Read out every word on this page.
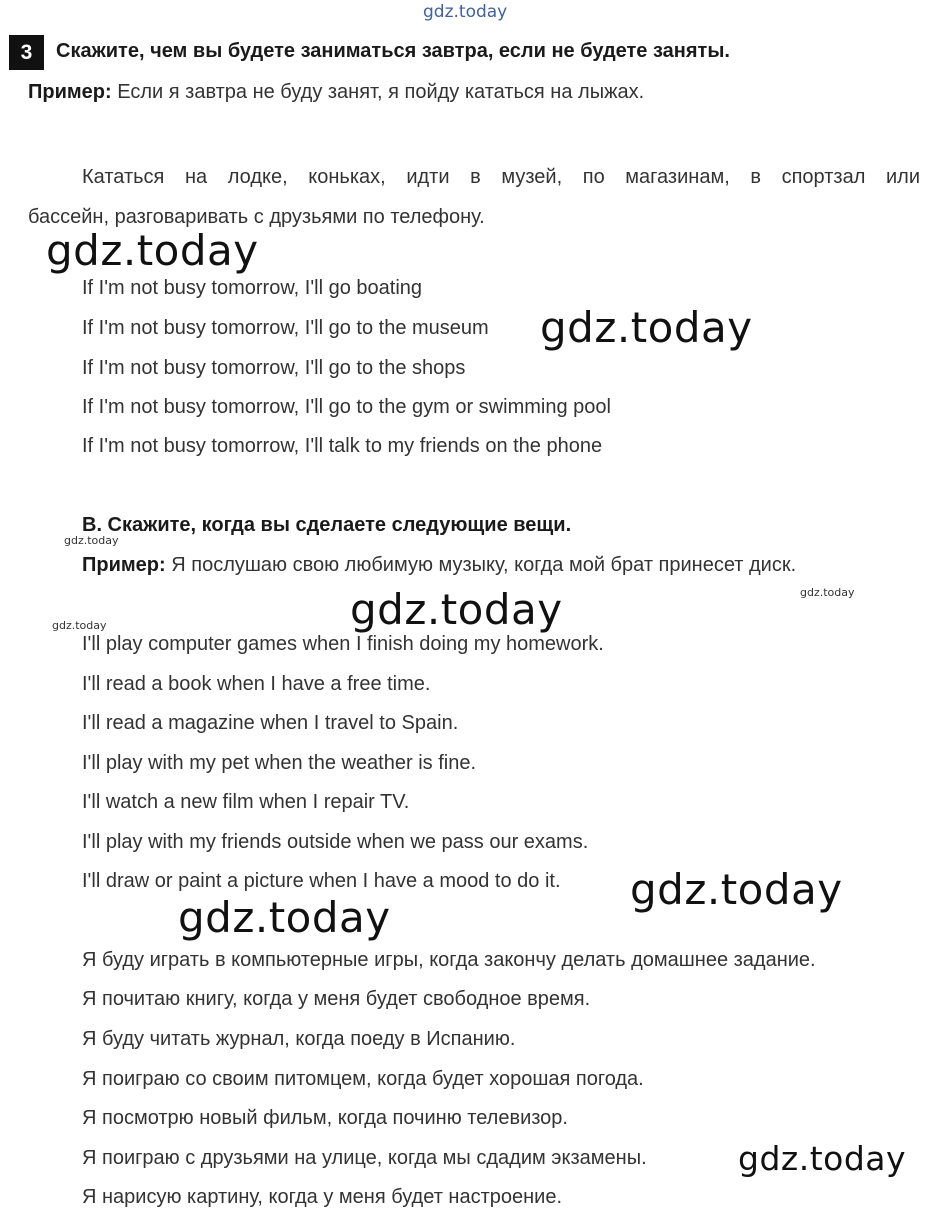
gdz.today
3	Скажите, чем вы будете заниматься завтра, если не будете заняты.
Пример: Если я завтра не буду занят, я пойду кататься на лыжах.
Кататься на лодке, коньках, идти в музей, по магазинам, в спортзал или
бассейн, разговаривать с друзьями по телефону.
gdz.today
If I'm not busy tomorrow, I'll go boating
If I'm not busy tomorrow, I'll go to the museum gdz.today
If I'm not busy tomorrow, I'll go to the shops
If I'm not busy tomorrow, I'll go to the gym or swimming pool
If I'm not busy tomorrow, I'll talk to my friends on the phone
B. Скажите, когда вы сделаете следующие вещи.
gdz.today
Пример: Я послушаю свою любимую музыку, когда мой брат принесет диск.
gdz.today
gdz.today
gdz.today
I'll play computer games when I finish doing my homework.
I'll read a book when I have a free time.
I'll read a magazine when I travel to Spain.
I'll play with my pet when the weather is fine.
I'll watch a new film when I repair TV.
I'll play with my friends outside when we pass our exams.
I'll draw or paint a picture when I have a mood to do it. gdz.today
gdz.today
Я буду играть в компьютерные игры, когда закончу делать домашнее задание.
Я почитаю книгу, когда у меня будет свободное время.
Я буду читать журнал, когда поеду в Испанию.
Я поиграю со своим питомцем, когда будет хорошая погода.
Я посмотрю новый фильм, когда починю телевизор.
Я поиграю с друзьями на улице, когда мы сдадим экзамены.	gdz.today
Я нарисую картину, когда у меня будет настроение.
